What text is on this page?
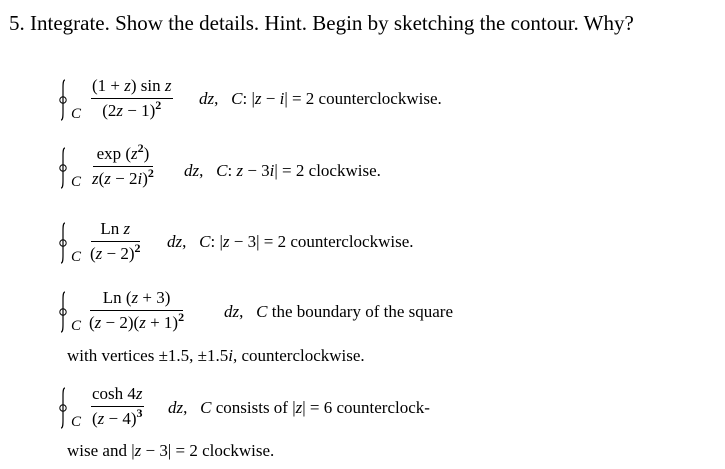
5. Integrate. Show the details. Hint. Begin by sketching the contour. Why?
C
(1 + z) sin z
$(2z - 1)^2$	dz,   C: |z − i| = 2 counterclockwise.
C
$\exp (z^2)$
$z(z - 2i)^2$ dz,   C: z − 3i| = 2 clockwise.
C
Ln z
$(z - 2)^2$ dz,   C: |z − 3| = 2 counterclockwise.
C
Ln (z + 3)
$(z - 2)(z + 1)^2$ dz,   C the boundary of the square
with vertices ±1.5, ±1.5i, counterclockwise.
C
cosh 4z
$(z - 4)^3$ dz,   C consists of |z| = 6 counterclock-
wise and |z − 3| = 2 clockwise.
